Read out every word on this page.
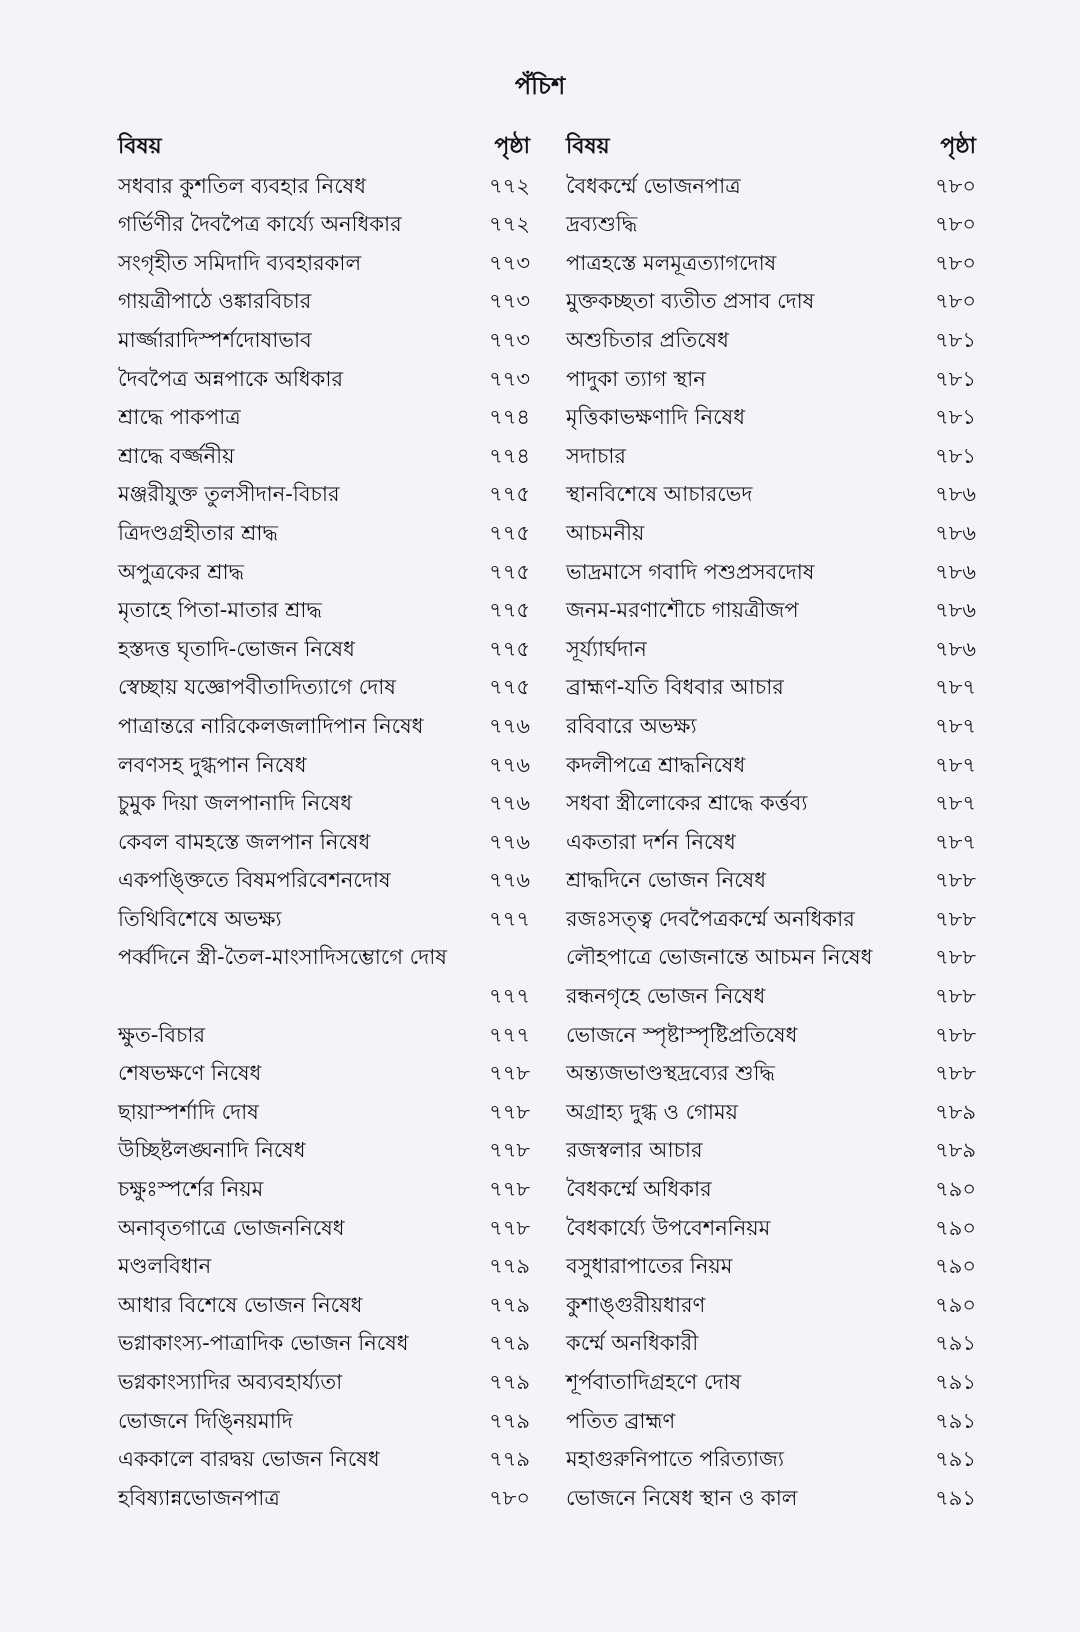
পঁচিশ
বিষয়	পৃষ্ঠা
সধবার কুশতিল ব্যবহার নিষেধ	৭৭২
গর্ভিণীর দৈবপৈত্র কার্য্যে অনধিকার	৭৭২
সংগৃহীত সমিদাদি ব্যবহারকাল	৭৭৩
গায়ত্রীপাঠে ওঙ্কারবিচার	৭৭৩
মার্জ্জারাদিস্পর্শদোষাভাব	৭৭৩
দৈবপৈত্র অন্নপাকে অধিকার	৭৭৩
শ্রাদ্ধে পাকপাত্র	৭৭৪
শ্রাদ্ধে বর্জ্জনীয়	৭৭৪
মঞ্জরীযুক্ত তুলসীদান-বিচার	৭৭৫
ত্রিদণ্ডগ্রহীতার শ্রাদ্ধ	৭৭৫
অপুত্রকের শ্রাদ্ধ	৭৭৫
মৃতাহে পিতা-মাতার শ্রাদ্ধ	৭৭৫
হস্তদত্ত ঘৃতাদি-ভোজন নিষেধ	৭৭৫
স্বেচ্ছায় যজ্ঞোপবীতাদিত্যাগে দোষ	৭৭৫
পাত্রান্তরে নারিকেলজলাদিপান নিষেধ	৭৭৬
লবণসহ দুগ্ধপান নিষেধ	৭৭৬
চুমুক দিয়া জলপানাদি নিষেধ	৭৭৬
কেবল বামহস্তে জলপান নিষেধ	৭৭৬
একপঙ্ক্তিতে বিষমপরিবেশনদোষ	৭৭৬
তিথিবিশেষে অভক্ষ্য	৭৭৭
পর্ব্বদিনে স্ত্রী-তৈল-মাংসাদিসম্ভোগে দোষ
৭৭৭
ক্ষুত-বিচার	৭৭৭
শেষভক্ষণে নিষেধ	৭৭৮
ছায়াস্পর্শাদি দোষ	৭৭৮
উচ্ছিষ্টলঙ্ঘনাদি নিষেধ	৭৭৮
চক্ষুঃস্পর্শের নিয়ম	৭৭৮
অনাবৃতগাত্রে ভোজননিষেধ	৭৭৮
মণ্ডলবিধান	৭৭৯
আধার বিশেষে ভোজন নিষেধ	৭৭৯
ভগ্নাকাংস্য-পাত্রাদিক ভোজন নিষেধ	৭৭৯
ভগ্নকাংস্যাদির অব্যবহার্য্যতা	৭৭৯
ভোজনে দিঙ্নিয়মাদি	৭৭৯
এককালে বারদ্বয় ভোজন নিষেধ	৭৭৯
হবিষ্যান্নভোজনপাত্র	৭৮০
বিষয়	পৃষ্ঠা
বৈধকর্ম্মে ভোজনপাত্র	৭৮০
দ্রব্যশুদ্ধি	৭৮০
পাত্রহস্তে মলমূত্রত্যাগদোষ	৭৮০
মুক্তকচ্ছতা ব্যতীত প্রসাব দোষ	৭৮০
অশুচিতার প্রতিষেধ	৭৮১
পাদুকা ত্যাগ স্থান	৭৮১
মৃত্তিকাভক্ষণাদি নিষেধ	৭৮১
সদাচার	৭৮১
স্থানবিশেষে আচারভেদ	৭৮৬
আচমনীয়	৭৮৬
ভাদ্রমাসে গবাদি পশুপ্রসবদোষ	৭৮৬
জনম-মরণাশৌচে গায়ত্রীজপ	৭৮৬
সূর্য্যার্ঘদান	৭৮৬
ব্রাহ্মণ-যতি বিধবার আচার	৭৮৭
রবিবারে অভক্ষ্য	৭৮৭
কদলীপত্রে শ্রাদ্ধনিষেধ	৭৮৭
সধবা স্ত্রীলোকের শ্রাদ্ধে কর্ত্তব্য	৭৮৭
একতারা দর্শন নিষেধ	৭৮৭
শ্রাদ্ধদিনে ভোজন নিষেধ	৭৮৮
রজঃসত্ত্ব দেবপৈত্রকর্ম্মে অনধিকার	৭৮৮
লৌহপাত্রে ভোজনান্তে আচমন নিষেধ	৭৮৮
রন্ধনগৃহে ভোজন নিষেধ	৭৮৮
ভোজনে স্পৃষ্টাস্পৃষ্টিপ্রতিষেধ	৭৮৮
অন্ত্যজভাণ্ডস্থদ্রব্যের শুদ্ধি	৭৮৮
অগ্রাহ্য দুগ্ধ ও গোময়	৭৮৯
রজস্বলার আচার	৭৮৯
বৈধকর্ম্মে অধিকার	৭৯০
বৈধকার্য্যে উপবেশননিয়ম	৭৯০
বসুধারাপাতের নিয়ম	৭৯০
কুশাঙ্গুরীয়ধারণ	৭৯০
কর্ম্মে অনধিকারী	৭৯১
শূর্পবাতাদিগ্রহণে দোষ	৭৯১
পতিত ব্রাহ্মণ	৭৯১
মহাগুরুনিপাতে পরিত্যাজ্য	৭৯১
ভোজনে নিষেধ স্থান ও কাল	৭৯১
